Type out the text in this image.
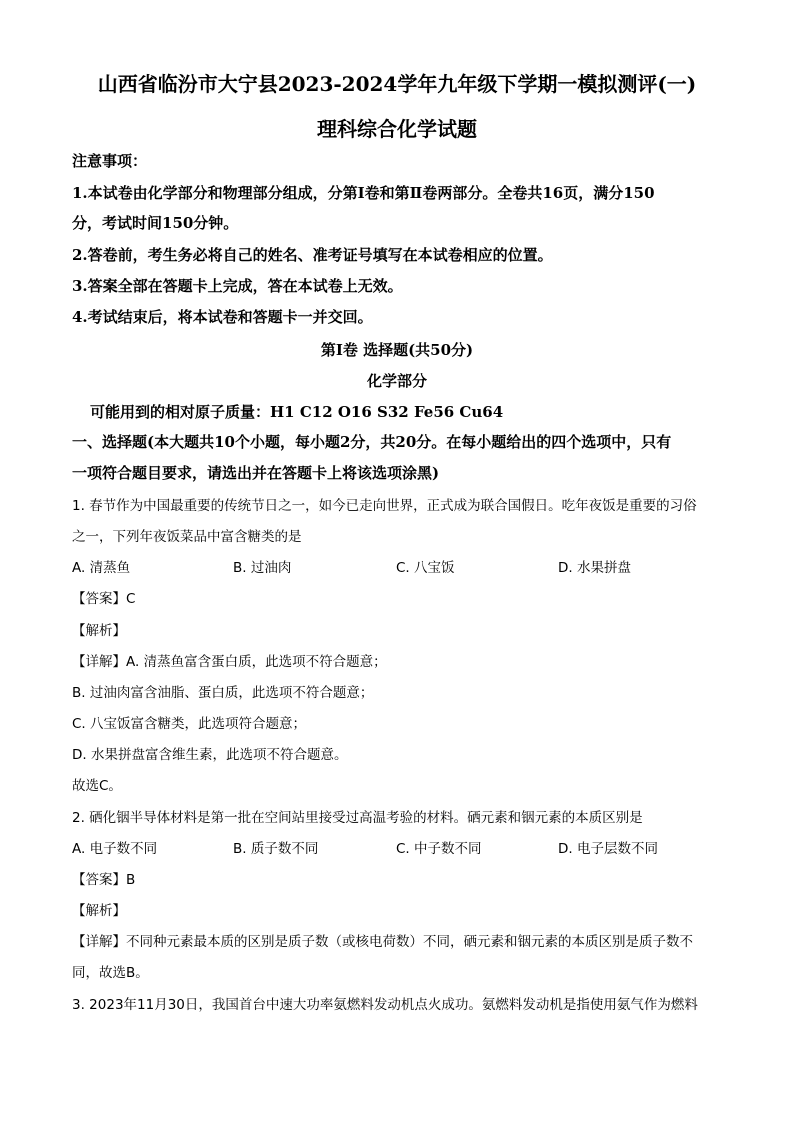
山西省临汾市大宁县2023-2024学年九年级下学期一模拟测评(一)
理科综合化学试题
注意事项：
1.本试卷由化学部分和物理部分组成，分第Ⅰ卷和第Ⅱ卷两部分。全卷共16页，满分150
分，考试时间150分钟。
2.答卷前，考生务必将自己的姓名、准考证号填写在本试卷相应的位置。
3.答案全部在答题卡上完成，答在本试卷上无效。
4.考试结束后，将本试卷和答题卡一并交回。
第Ⅰ卷 选择题(共50分)
化学部分
可能用到的相对原子质量：H1 C12 O16 S32 Fe56 Cu64
一、选择题(本大题共10个小题，每小题2分，共20分。在每小题给出的四个选项中，只有
一项符合题目要求，请选出并在答题卡上将该选项涂黑)
1. 春节作为中国最重要的传统节日之一，如今已走向世界，正式成为联合国假日。吃年夜饭是重要的习俗
之一，下列年夜饭菜品中富含糖类的是
A. 清蒸鱼	B. 过油肉	C. 八宝饭	D. 水果拼盘
【答案】C
【解析】
【详解】A. 清蒸鱼富含蛋白质，此选项不符合题意；
B. 过油肉富含油脂、蛋白质，此选项不符合题意；
C. 八宝饭富含糖类，此选项符合题意；
D. 水果拼盘富含维生素，此选项不符合题意。
故选C。
2. 硒化铟半导体材料是第一批在空间站里接受过高温考验的材料。硒元素和铟元素的本质区别是
A. 电子数不同	B. 质子数不同	C. 中子数不同	D. 电子层数不同
【答案】B
【解析】
【详解】不同种元素最本质的区别是质子数（或核电荷数）不同，硒元素和铟元素的本质区别是质子数不
同，故选B。
3. 2023年11月30日，我国首台中速大功率氨燃料发动机点火成功。氨燃料发动机是指使用氨气作为燃料
